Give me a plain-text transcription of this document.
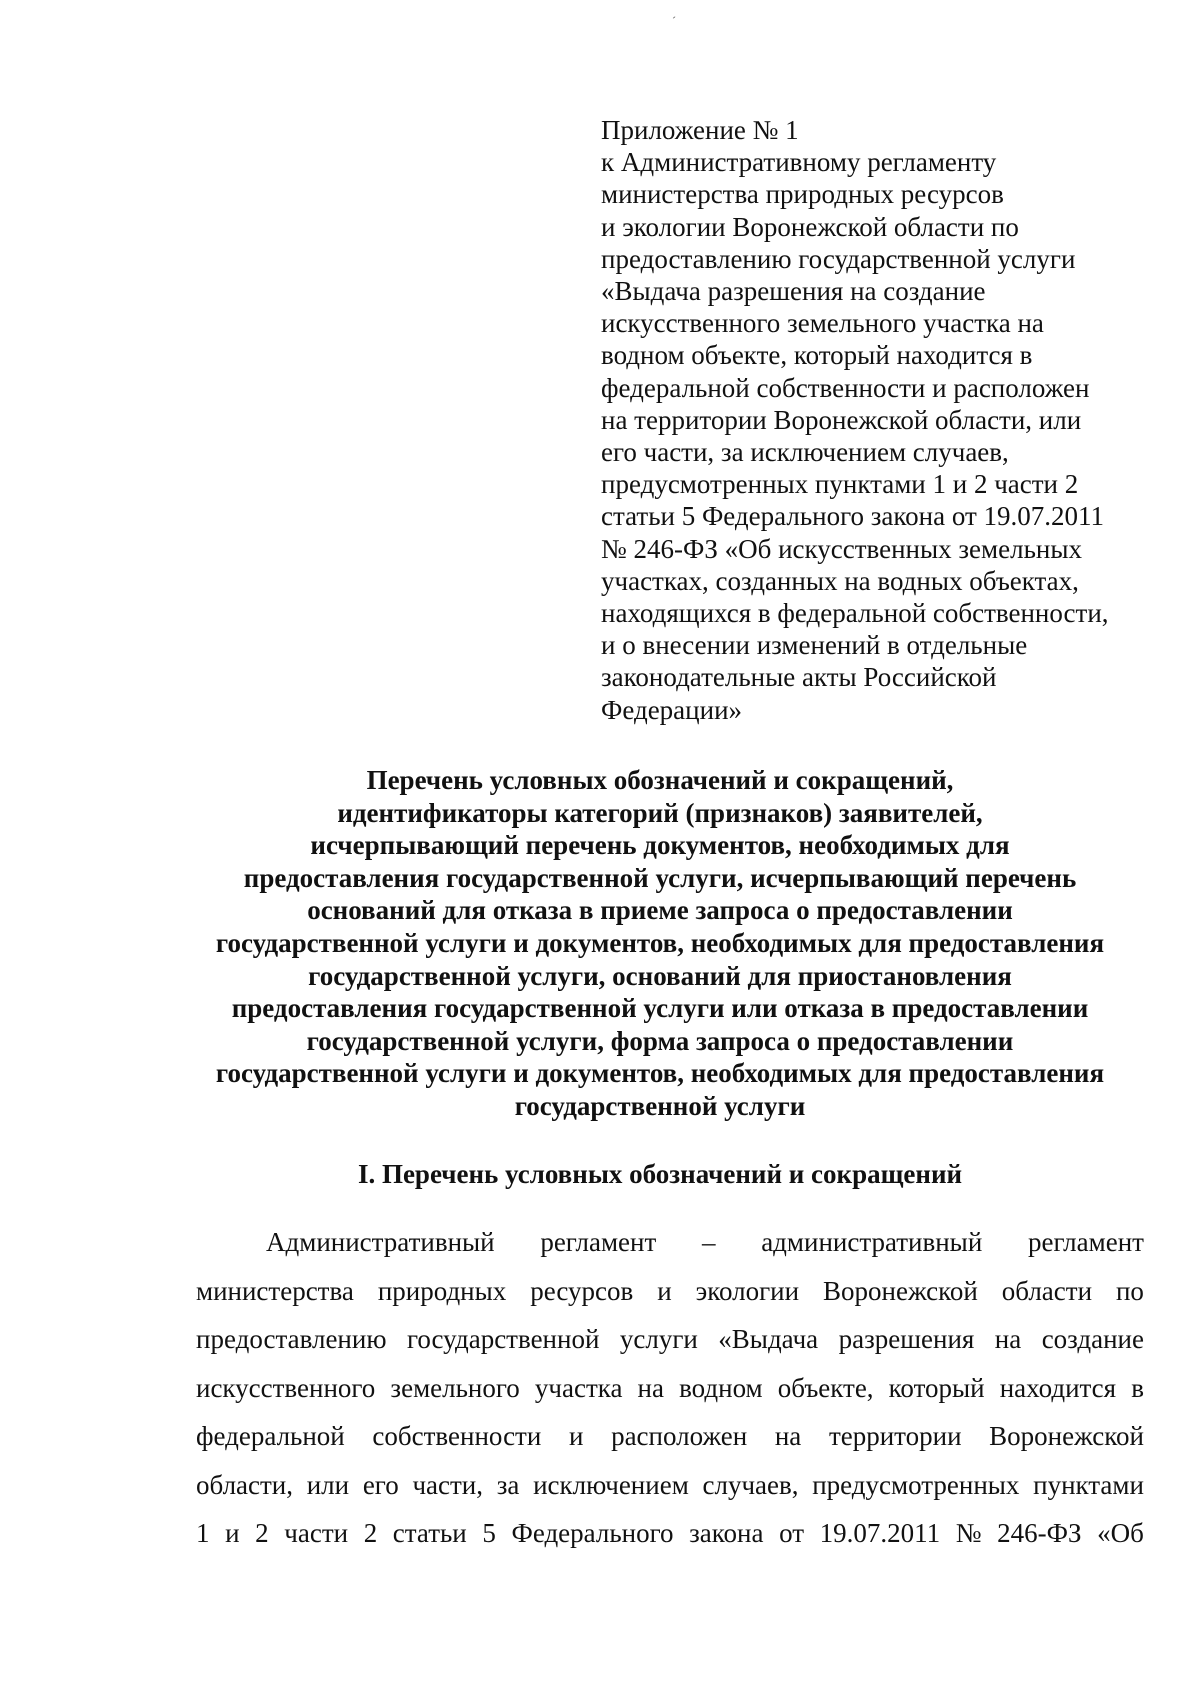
ˊ
Приложение № 1
к Административному регламенту
министерства природных ресурсов
и экологии Воронежской области по
предоставлению государственной услуги
«Выдача разрешения на создание
искусственного земельного участка на
водном объекте, который находится в
федеральной собственности и расположен
на территории Воронежской области, или
его части, за исключением случаев,
предусмотренных пунктами 1 и 2 части 2
статьи 5 Федерального закона от 19.07.2011
№ 246-ФЗ «Об искусственных земельных
участках, созданных на водных объектах,
находящихся в федеральной собственности,
и о внесении изменений в отдельные
законодательные акты Российской
Федерации»
Перечень условных обозначений и сокращений,
идентификаторы категорий (признаков) заявителей,
исчерпывающий перечень документов, необходимых для
предоставления государственной услуги, исчерпывающий перечень
оснований для отказа в приеме запроса о предоставлении
государственной услуги и документов, необходимых для предоставления
государственной услуги, оснований для приостановления
предоставления государственной услуги или отказа в предоставлении
государственной услуги, форма запроса о предоставлении
государственной услуги и документов, необходимых для предоставления
государственной услуги
I. Перечень условных обозначений и сокращений
Административный регламент – административный регламент
министерства природных ресурсов и экологии Воронежской области по
предоставлению государственной услуги «Выдача разрешения на создание
искусственного земельного участка на водном объекте, который находится в
федеральной собственности и расположен на территории Воронежской
области, или его части, за исключением случаев, предусмотренных пунктами
1 и 2 части 2 статьи 5 Федерального закона от 19.07.2011 № 246-ФЗ «Об
